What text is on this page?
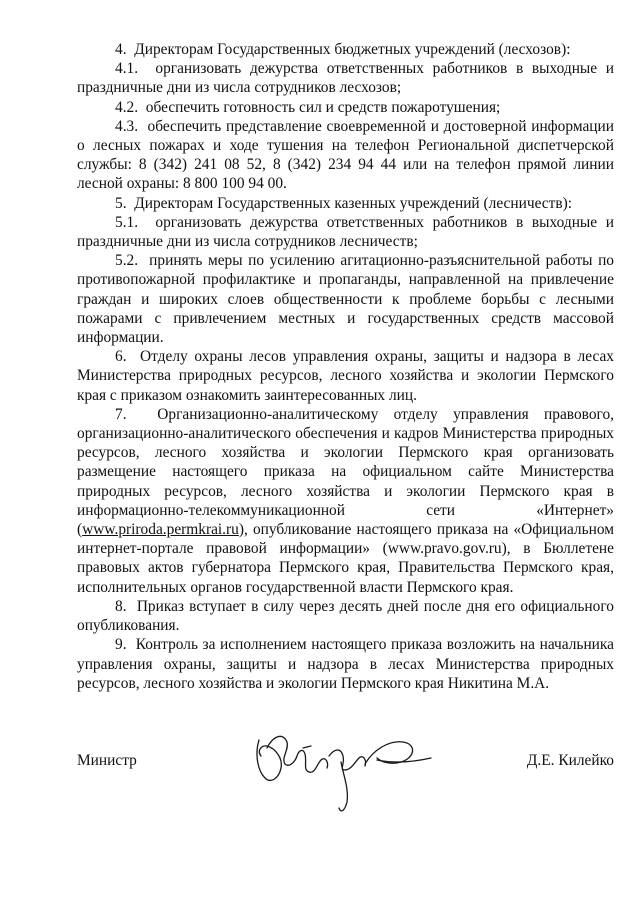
4.  Директорам Государственных бюджетных учреждений (лесхозов):

4.1.  организовать дежурства ответственных работников в выходные и праздничные дни из числа сотрудников лесхозов;

4.2.  обеспечить готовность сил и средств пожаротушения;

4.3.  обеспечить представление своевременной и достоверной информации о лесных пожарах и ходе тушения на телефон Региональной диспетчерской службы: 8 (342) 241 08 52, 8 (342) 234 94 44 или на телефон прямой линии лесной охраны: 8 800 100 94 00.

5.  Директорам Государственных казенных учреждений (лесничеств):

5.1.  организовать дежурства ответственных работников в выходные и праздничные дни из числа сотрудников лесничеств;

5.2.  принять меры по усилению агитационно-разъяснительной работы по противопожарной профилактике и пропаганды, направленной на привлечение граждан и широких слоев общественности к проблеме борьбы с лесными пожарами с привлечением местных и государственных средств массовой информации.

6.  Отделу охраны лесов управления охраны, защиты и надзора в лесах Министерства природных ресурсов, лесного хозяйства и экологии Пермского края с приказом ознакомить заинтересованных лиц.

7.  Организационно-аналитическому отделу управления правового, организационно-аналитического обеспечения и кадров Министерства природных ресурсов, лесного хозяйства и экологии Пермского края организовать размещение настоящего приказа на официальном сайте Министерства природных ресурсов, лесного хозяйства и экологии Пермского края в информационно-телекоммуникационной сети «Интернет» (www.priroda.permkrai.ru), опубликование настоящего приказа на «Официальном интернет-портале правовой информации» (www.pravo.gov.ru), в Бюллетене правовых актов губернатора Пермского края, Правительства Пермского края, исполнительных органов государственной власти Пермского края.

8.  Приказ вступает в силу через десять дней после дня его официального опубликования.

9.  Контроль за исполнением настоящего приказа возложить на начальника управления охраны, защиты и надзора в лесах Министерства природных ресурсов, лесного хозяйства и экологии Пермского края Никитина М.А.

Министр	Д.Е. Килейко
